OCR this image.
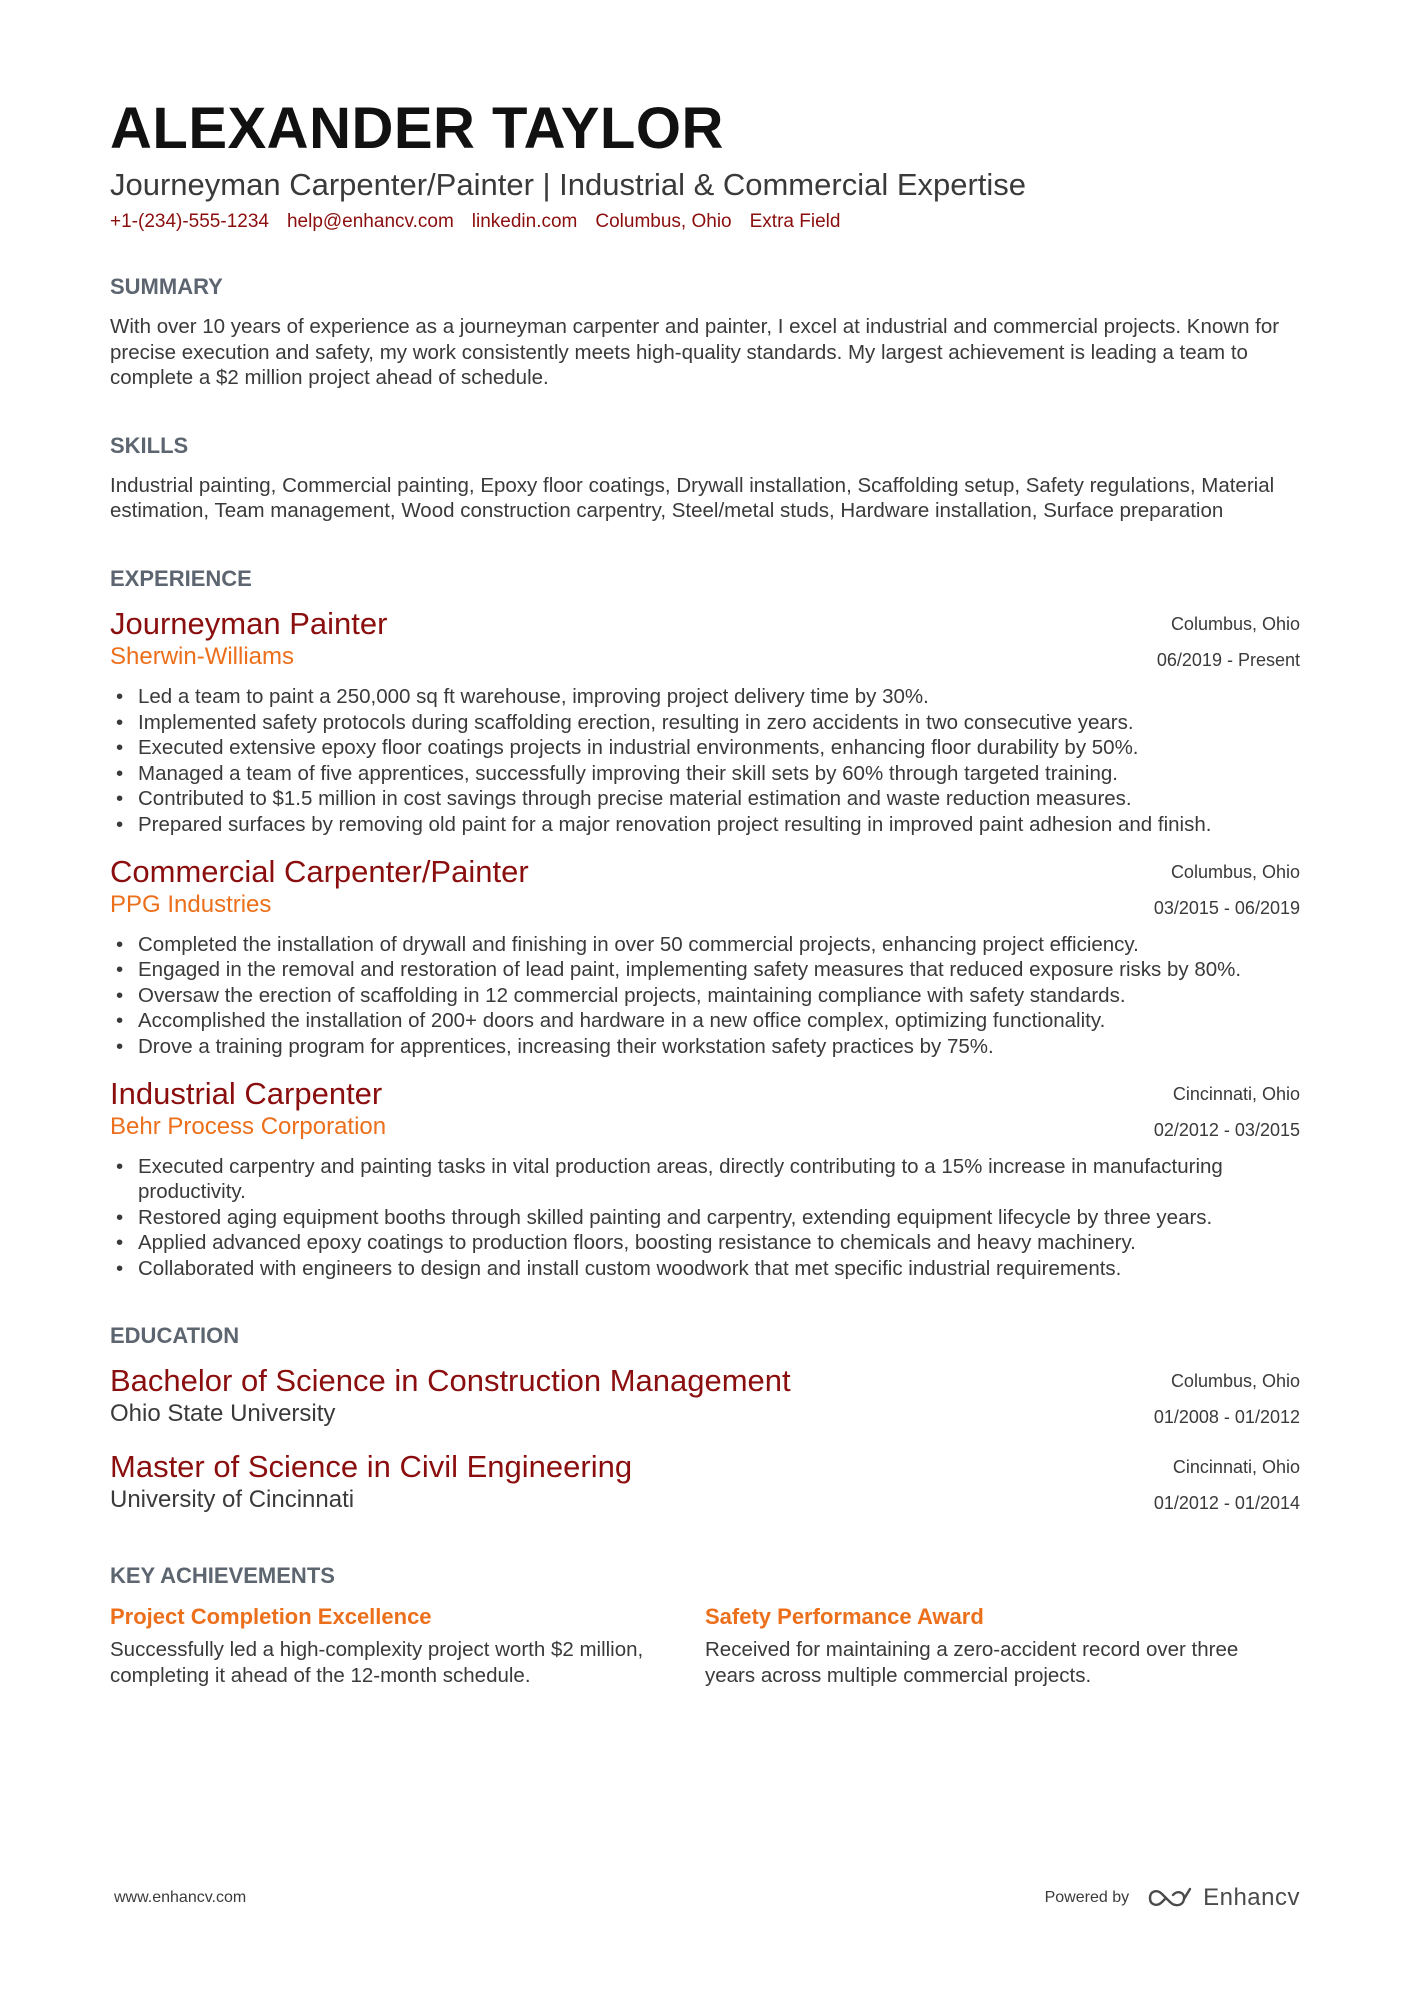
ALEXANDER TAYLOR
Journeyman Carpenter/Painter | Industrial & Commercial Expertise
+1-(234)-555-1234 help@enhancv.com linkedin.com Columbus, Ohio Extra Field
SUMMARY
With over 10 years of experience as a journeyman carpenter and painter, I excel at industrial and commercial projects. Known for precise execution and safety, my work consistently meets high-quality standards. My largest achievement is leading a team to complete a $2 million project ahead of schedule.
SKILLS
Industrial painting, Commercial painting, Epoxy floor coatings, Drywall installation, Scaffolding setup, Safety regulations, Material estimation, Team management, Wood construction carpentry, Steel/metal studs, Hardware installation, Surface preparation
EXPERIENCE
Journeyman Painter
Sherwin-Williams
Columbus, Ohio
06/2019 - Present
• Led a team to paint a 250,000 sq ft warehouse, improving project delivery time by 30%.
• Implemented safety protocols during scaffolding erection, resulting in zero accidents in two consecutive years.
• Executed extensive epoxy floor coatings projects in industrial environments, enhancing floor durability by 50%.
• Managed a team of five apprentices, successfully improving their skill sets by 60% through targeted training.
• Contributed to $1.5 million in cost savings through precise material estimation and waste reduction measures.
• Prepared surfaces by removing old paint for a major renovation project resulting in improved paint adhesion and finish.
Commercial Carpenter/Painter
PPG Industries
Columbus, Ohio
03/2015 - 06/2019
• Completed the installation of drywall and finishing in over 50 commercial projects, enhancing project efficiency.
• Engaged in the removal and restoration of lead paint, implementing safety measures that reduced exposure risks by 80%.
• Oversaw the erection of scaffolding in 12 commercial projects, maintaining compliance with safety standards.
• Accomplished the installation of 200+ doors and hardware in a new office complex, optimizing functionality.
• Drove a training program for apprentices, increasing their workstation safety practices by 75%.
Industrial Carpenter
Behr Process Corporation
Cincinnati, Ohio
02/2012 - 03/2015
• Executed carpentry and painting tasks in vital production areas, directly contributing to a 15% increase in manufacturing productivity.
• Restored aging equipment booths through skilled painting and carpentry, extending equipment lifecycle by three years.
• Applied advanced epoxy coatings to production floors, boosting resistance to chemicals and heavy machinery.
• Collaborated with engineers to design and install custom woodwork that met specific industrial requirements.
EDUCATION
Bachelor of Science in Construction Management
Ohio State University
Columbus, Ohio
01/2008 - 01/2012
Master of Science in Civil Engineering
University of Cincinnati
Cincinnati, Ohio
01/2012 - 01/2014
KEY ACHIEVEMENTS
Project Completion Excellence
Successfully led a high-complexity project worth $2 million, completing it ahead of the 12-month schedule.
Safety Performance Award
Received for maintaining a zero-accident record over three years across multiple commercial projects.
www.enhancv.com	Powered by	Enhancv
